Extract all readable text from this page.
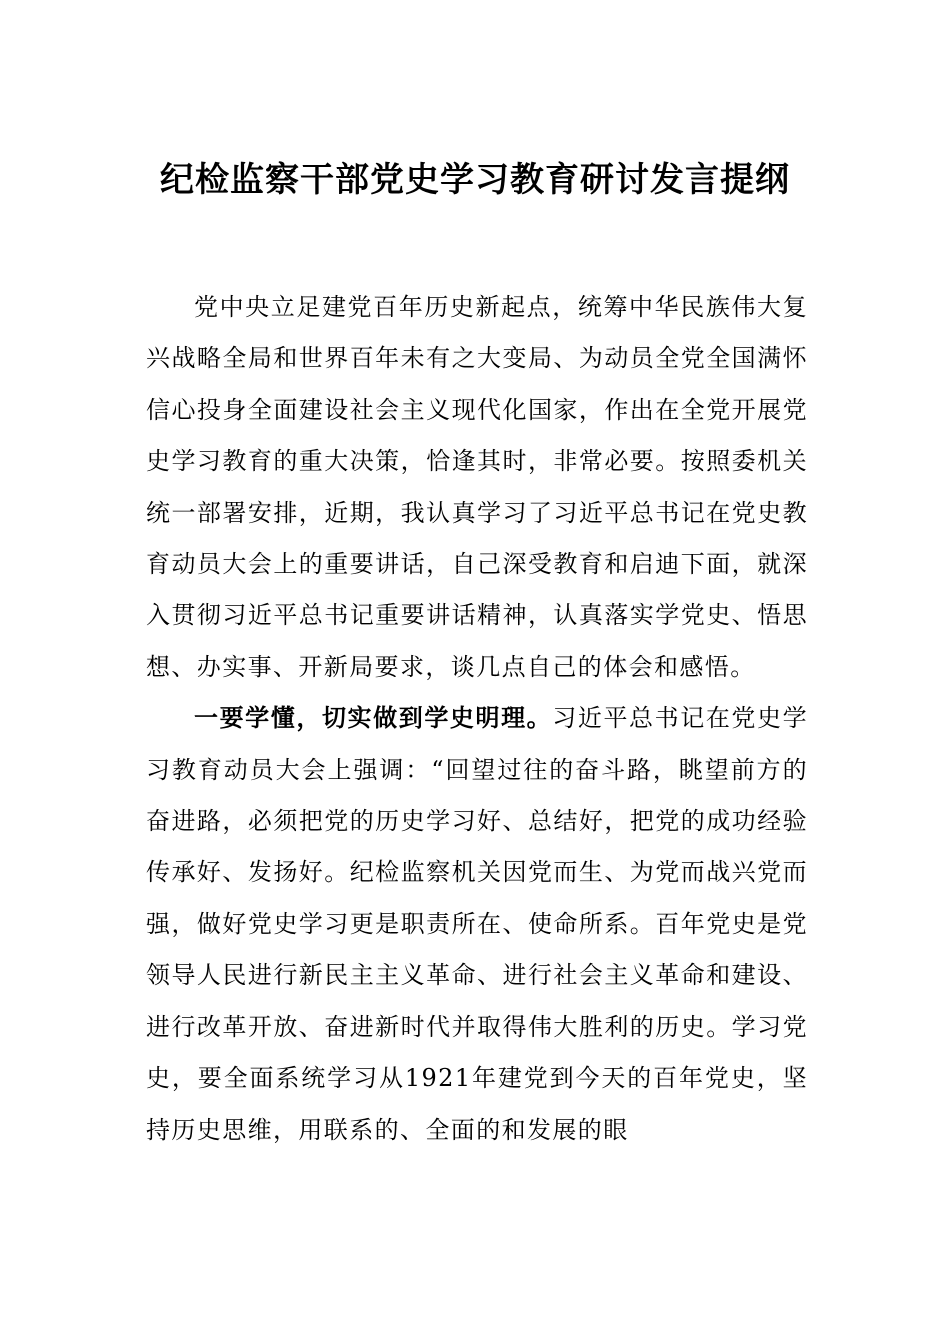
纪检监察干部党史学习教育研讨发言提纲

党中央立足建党百年历史新起点，统筹中华民族伟大复兴战略全局和世界百年未有之大变局、为动员全党全国满怀信心投身全面建设社会主义现代化国家，作出在全党开展党史学习教育的重大决策，恰逢其时，非常必要。按照委机关统一部署安排，近期，我认真学习了习近平总书记在党史教育动员大会上的重要讲话，自己深受教育和启迪下面，就深入贯彻习近平总书记重要讲话精神，认真落实学党史、悟思想、办实事、开新局要求，谈几点自己的体会和感悟。

一要学懂，切实做到学史明理。习近平总书记在党史学习教育动员大会上强调：“回望过往的奋斗路，眺望前方的奋进路，必须把党的历史学习好、总结好，把党的成功经验传承好、发扬好。纪检监察机关因党而生、为党而战兴党而强，做好党史学习更是职责所在、使命所系。百年党史是党领导人民进行新民主主义革命、进行社会主义革命和建设、进行改革开放、奋进新时代并取得伟大胜利的历史。学习党史，要全面系统学习从1921年建党到今天的百年党史，坚持历史思维，用联系的、全面的和发展的眼
